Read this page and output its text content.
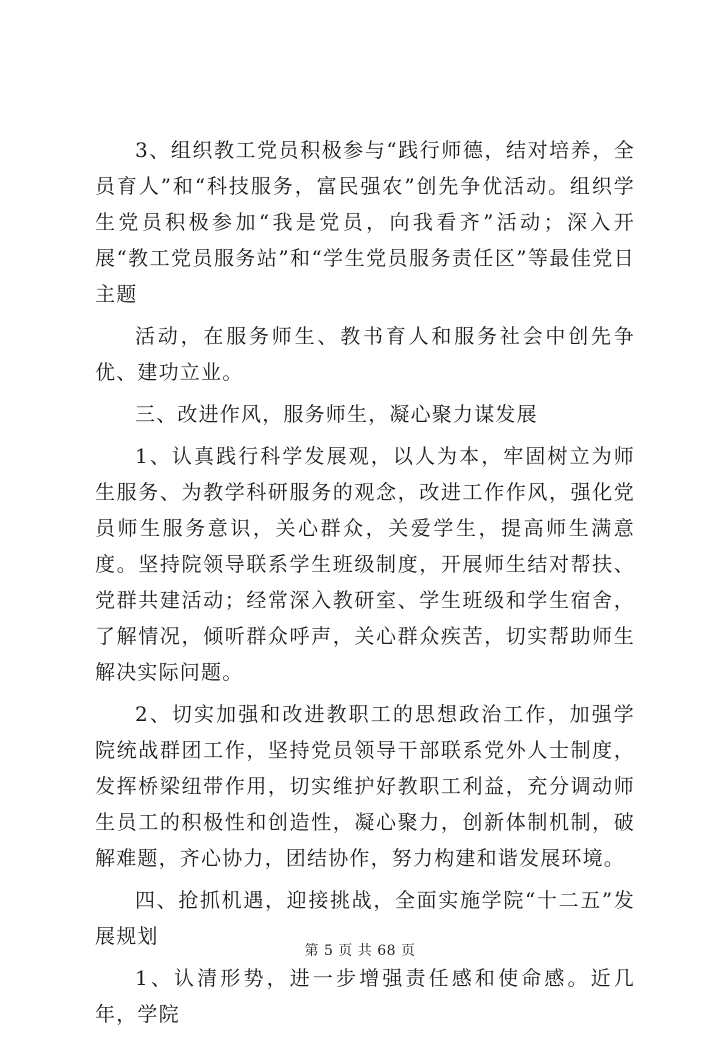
3、组织教工党员积极参与“践行师德，结对培养，全员育人”和“科技服务，富民强农”创先争优活动。组织学生党员积极参加“我是党员，向我看齐”活动；深入开展“教工党员服务站”和“学生党员服务责任区”等最佳党日主题

活动，在服务师生、教书育人和服务社会中创先争优、建功立业。

三、改进作风，服务师生，凝心聚力谋发展

1、认真践行科学发展观，以人为本，牢固树立为师生服务、为教学科研服务的观念，改进工作作风，强化党员师生服务意识，关心群众，关爱学生，提高师生满意度。坚持院领导联系学生班级制度，开展师生结对帮扶、党群共建活动；经常深入教研室、学生班级和学生宿舍，了解情况，倾听群众呼声，关心群众疾苦，切实帮助师生解决实际问题。

2、切实加强和改进教职工的思想政治工作，加强学院统战群团工作，坚持党员领导干部联系党外人士制度，发挥桥梁纽带作用，切实维护好教职工利益，充分调动师生员工的积极性和创造性，凝心聚力，创新体制机制，破解难题，齐心协力，团结协作，努力构建和谐发展环境。

四、抢抓机遇，迎接挑战，全面实施学院“十二五”发展规划

1、认清形势，进一步增强责任感和使命感。近几年，学院

第 5 页 共 68 页
